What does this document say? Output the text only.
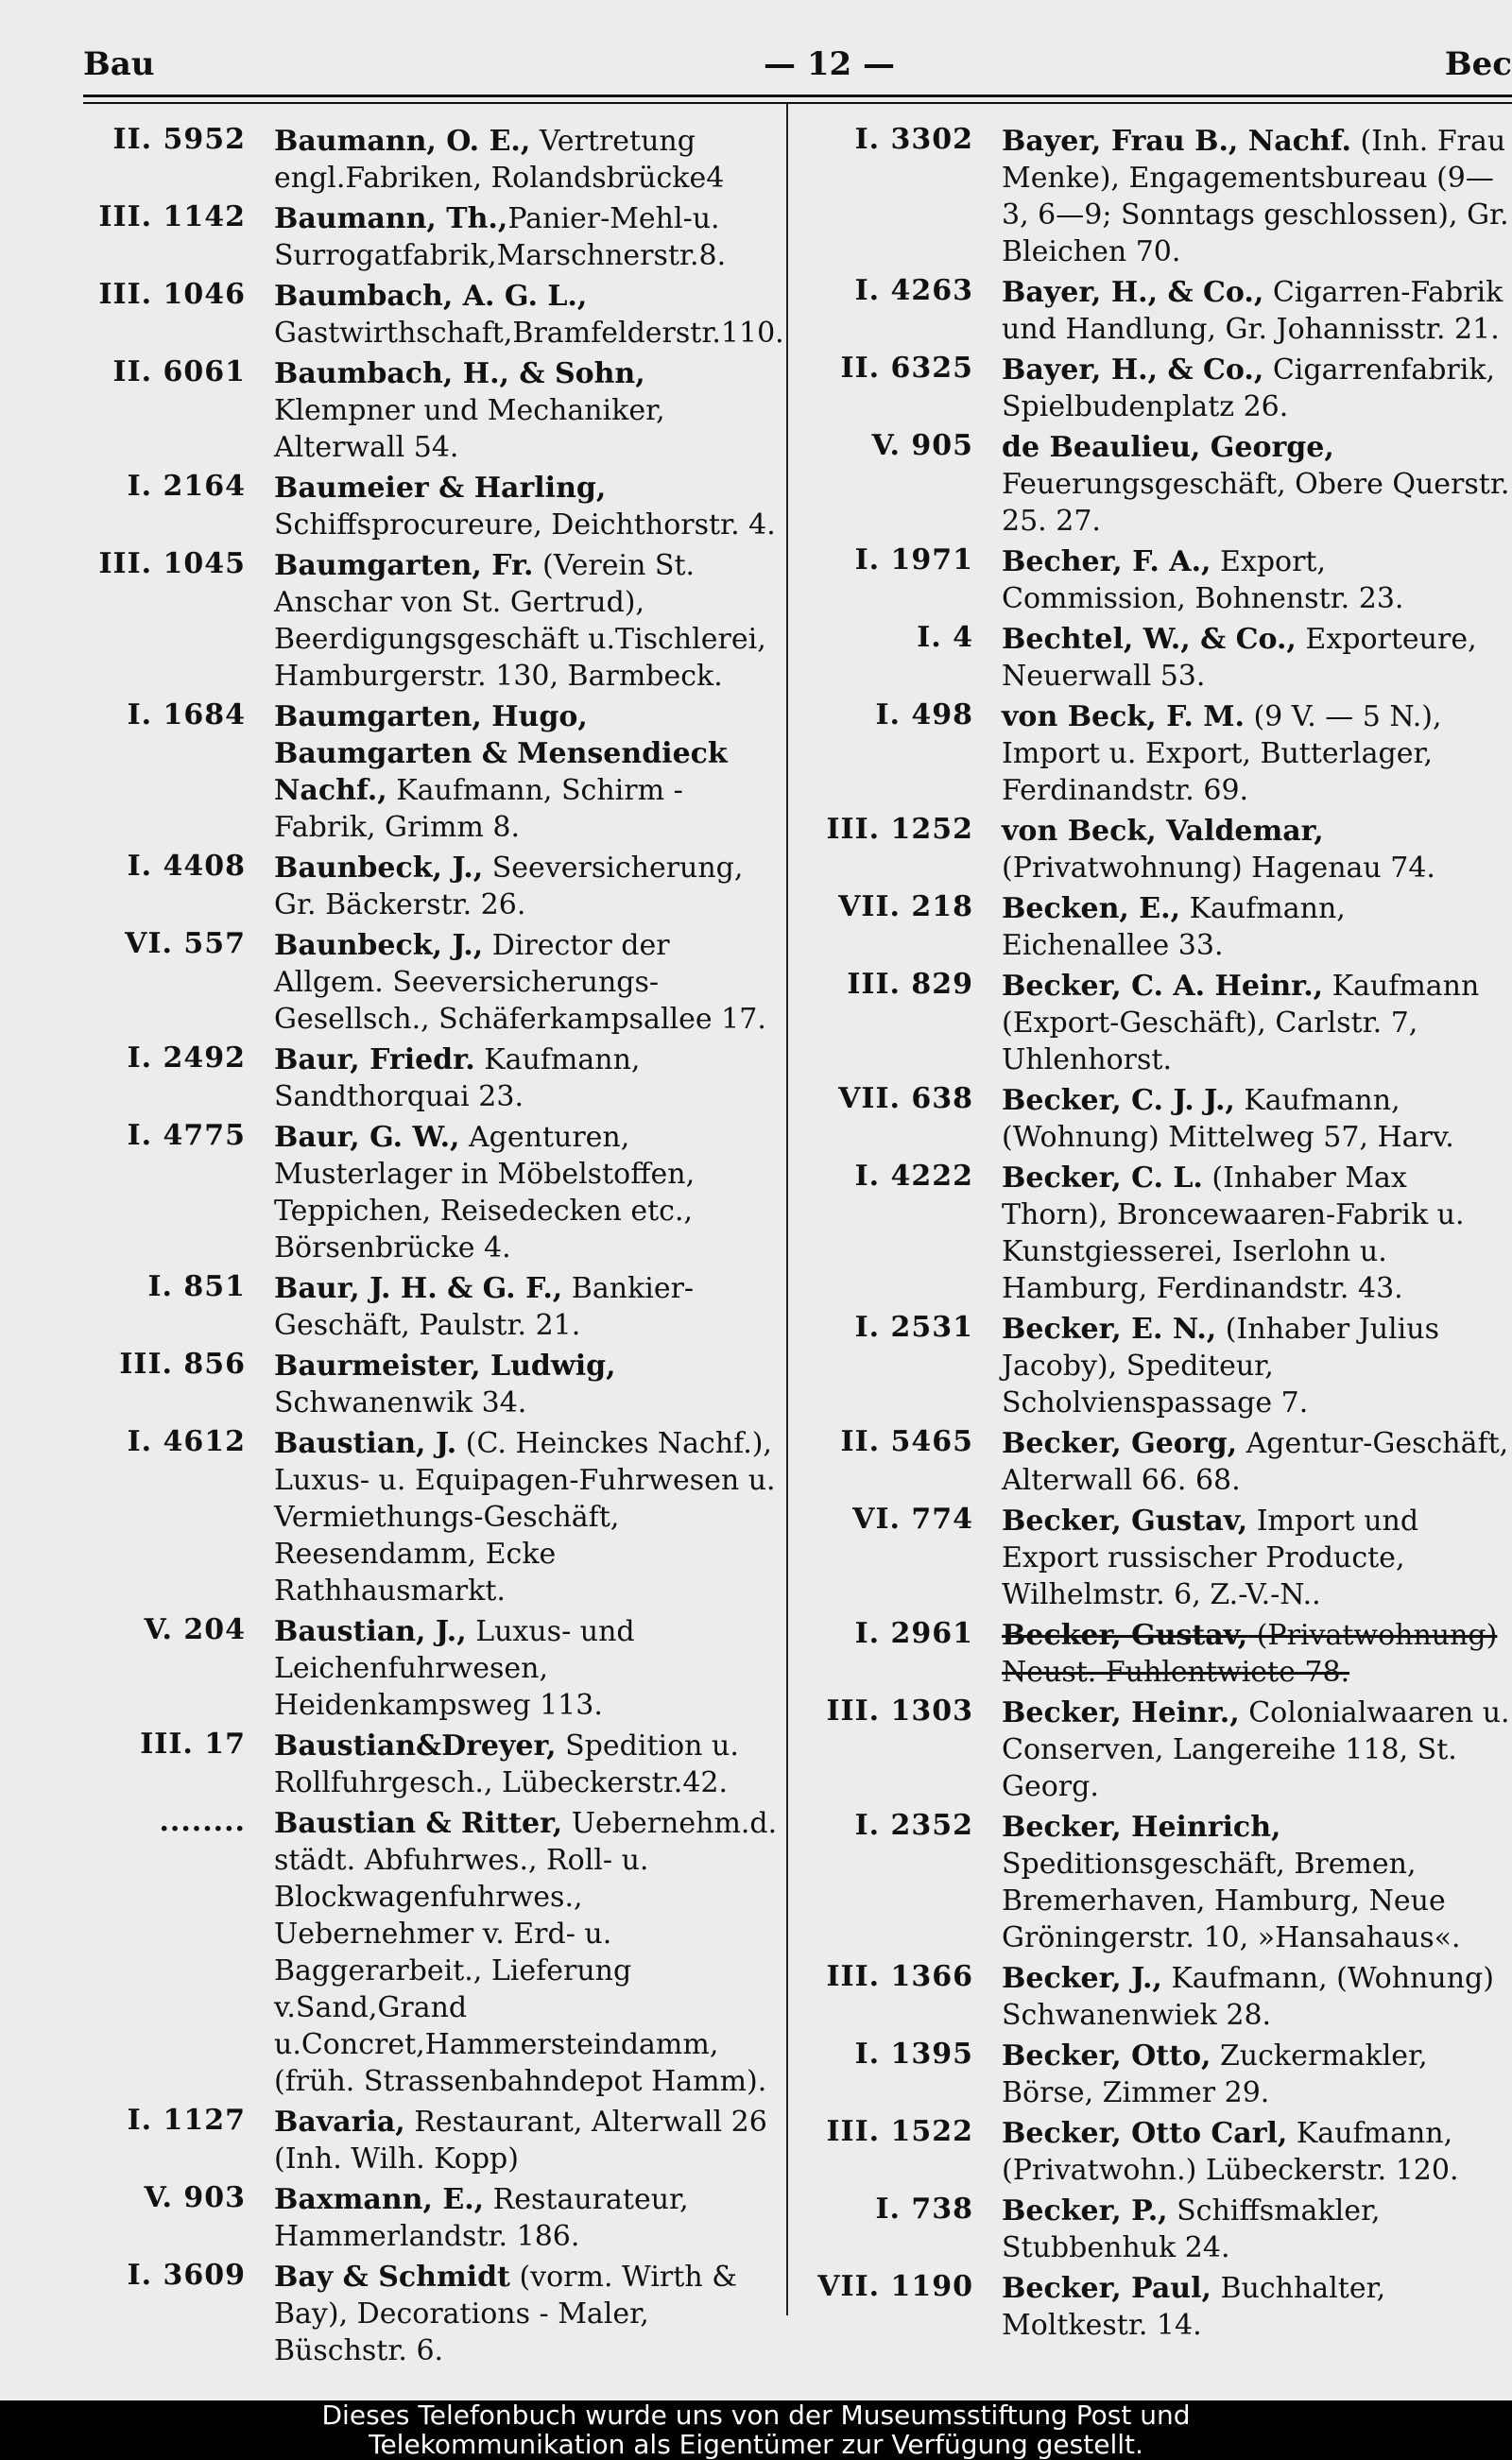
Bau	— 12 —	Bec
II. 5952 Baumann, O. E., Vertretung engl.Fabriken, Rolandsbrücke4
III. 1142 Baumann, Th.,Panier-Mehl-u. Surrogatfabrik,Marschnerstr.8.
III. 1046 Baumbach, A. G. L., Gastwirthschaft,Bramfelderstr.110.
II. 6061 Baumbach, H., & Sohn, Klempner und Mechaniker, Alterwall 54.
I. 2164 Baumeier & Harling, Schiffsprocureure, Deichthorstr. 4.
III. 1045 Baumgarten, Fr. (Verein St. Anschar von St. Gertrud), Beerdigungsgeschäft u.Tischlerei, Hamburgerstr. 130, Barmbeck.
I. 1684 Baumgarten, Hugo, Baumgarten & Mensendieck Nachf., Kaufmann, Schirm - Fabrik, Grimm 8.
I. 4408 Baunbeck, J., Seeversicherung, Gr. Bäckerstr. 26.
VI. 557 Baunbeck, J., Director der Allgem. Seeversicherungs-Gesellsch., Schäferkampsallee 17.
I. 2492 Baur, Friedr. Kaufmann, Sandthorquai 23.
I. 4775 Baur, G. W., Agenturen, Musterlager in Möbelstoffen, Teppichen, Reisedecken etc., Börsenbrücke 4.
I. 851 Baur, J. H. & G. F., Bankier-Geschäft, Paulstr. 21.
III. 856 Baurmeister, Ludwig, Schwanenwik 34.
I. 4612 Baustian, J. (C. Heinckes Nachf.), Luxus- u. Equipagen-Fuhrwesen u. Vermiethungs-Geschäft, Reesendamm, Ecke Rathhausmarkt.
V. 204 Baustian, J., Luxus- und Leichenfuhrwesen, Heidenkampsweg 113.
III. 17 Baustian&Dreyer, Spedition u. Rollfuhrgesch., Lübeckerstr.42.
........ Baustian & Ritter, Uebernehm.d. städt. Abfuhrwes., Roll- u. Blockwagenfuhrwes., Uebernehmer v. Erd- u. Baggerarbeit., Lieferung v.Sand,Grand u.Concret,Hammersteindamm,(früh. Strassenbahndepot Hamm).
I. 1127 Bavaria, Restaurant, Alterwall 26 (Inh. Wilh. Kopp)
V. 903 Baxmann, E., Restaurateur, Hammerlandstr. 186.
I. 3609 Bay & Schmidt (vorm. Wirth & Bay), Decorations - Maler, Büschstr. 6.
I. 3302 Bayer, Frau B., Nachf. (Inh. Frau Menke), Engagementsbureau (9—3, 6—9; Sonntags geschlossen), Gr. Bleichen 70.
I. 4263 Bayer, H., & Co., Cigarren-Fabrik und Handlung, Gr. Johannisstr. 21.
II. 6325 Bayer, H., & Co., Cigarrenfabrik, Spielbudenplatz 26.
V. 905 de Beaulieu, George, Feuerungsgeschäft, Obere Querstr. 25. 27.
I. 1971 Becher, F. A., Export, Commission, Bohnenstr. 23.
I. 4 Bechtel, W., & Co., Exporteure, Neuerwall 53.
I. 498 von Beck, F. M. (9 V. — 5 N.), Import u. Export, Butterlager, Ferdinandstr. 69.
III. 1252 von Beck, Valdemar, (Privatwohnung) Hagenau 74.
VII. 218 Becken, E., Kaufmann, Eichenallee 33.
III. 829 Becker, C. A. Heinr., Kaufmann (Export-Geschäft), Carlstr. 7, Uhlenhorst.
VII. 638 Becker, C. J. J., Kaufmann, (Wohnung) Mittelweg 57, Harv.
I. 4222 Becker, C. L. (Inhaber Max Thorn), Broncewaaren-Fabrik u. Kunstgiesserei, Iserlohn u. Hamburg, Ferdinandstr. 43.
I. 2531 Becker, E. N., (Inhaber Julius Jacoby), Spediteur, Scholvienspassage 7.
II. 5465 Becker, Georg, Agentur-Geschäft, Alterwall 66. 68.
VI. 774 Becker, Gustav, Import und Export russischer Producte, Wilhelmstr. 6, Z.-V.-N..
I. 2961 Becker, Gustav, (Privatwohnung) Neust. Fuhlentwiete 78.
III. 1303 Becker, Heinr., Colonialwaaren u. Conserven, Langereihe 118, St. Georg.
I. 2352 Becker, Heinrich, Speditionsgeschäft, Bremen, Bremerhaven, Hamburg, Neue Gröningerstr. 10, »Hansahaus«.
III. 1366 Becker, J., Kaufmann, (Wohnung) Schwanenwiek 28.
I. 1395 Becker, Otto, Zuckermakler, Börse, Zimmer 29.
III. 1522 Becker, Otto Carl, Kaufmann, (Privatwohn.) Lübeckerstr. 120.
I. 738 Becker, P., Schiffsmakler, Stubbenhuk 24.
VII. 1190 Becker, Paul, Buchhalter, Moltkestr. 14.
Dieses Telefonbuch wurde uns von der Museumsstiftung Post und
Telekommunikation als Eigentümer zur Verfügung gestellt.
